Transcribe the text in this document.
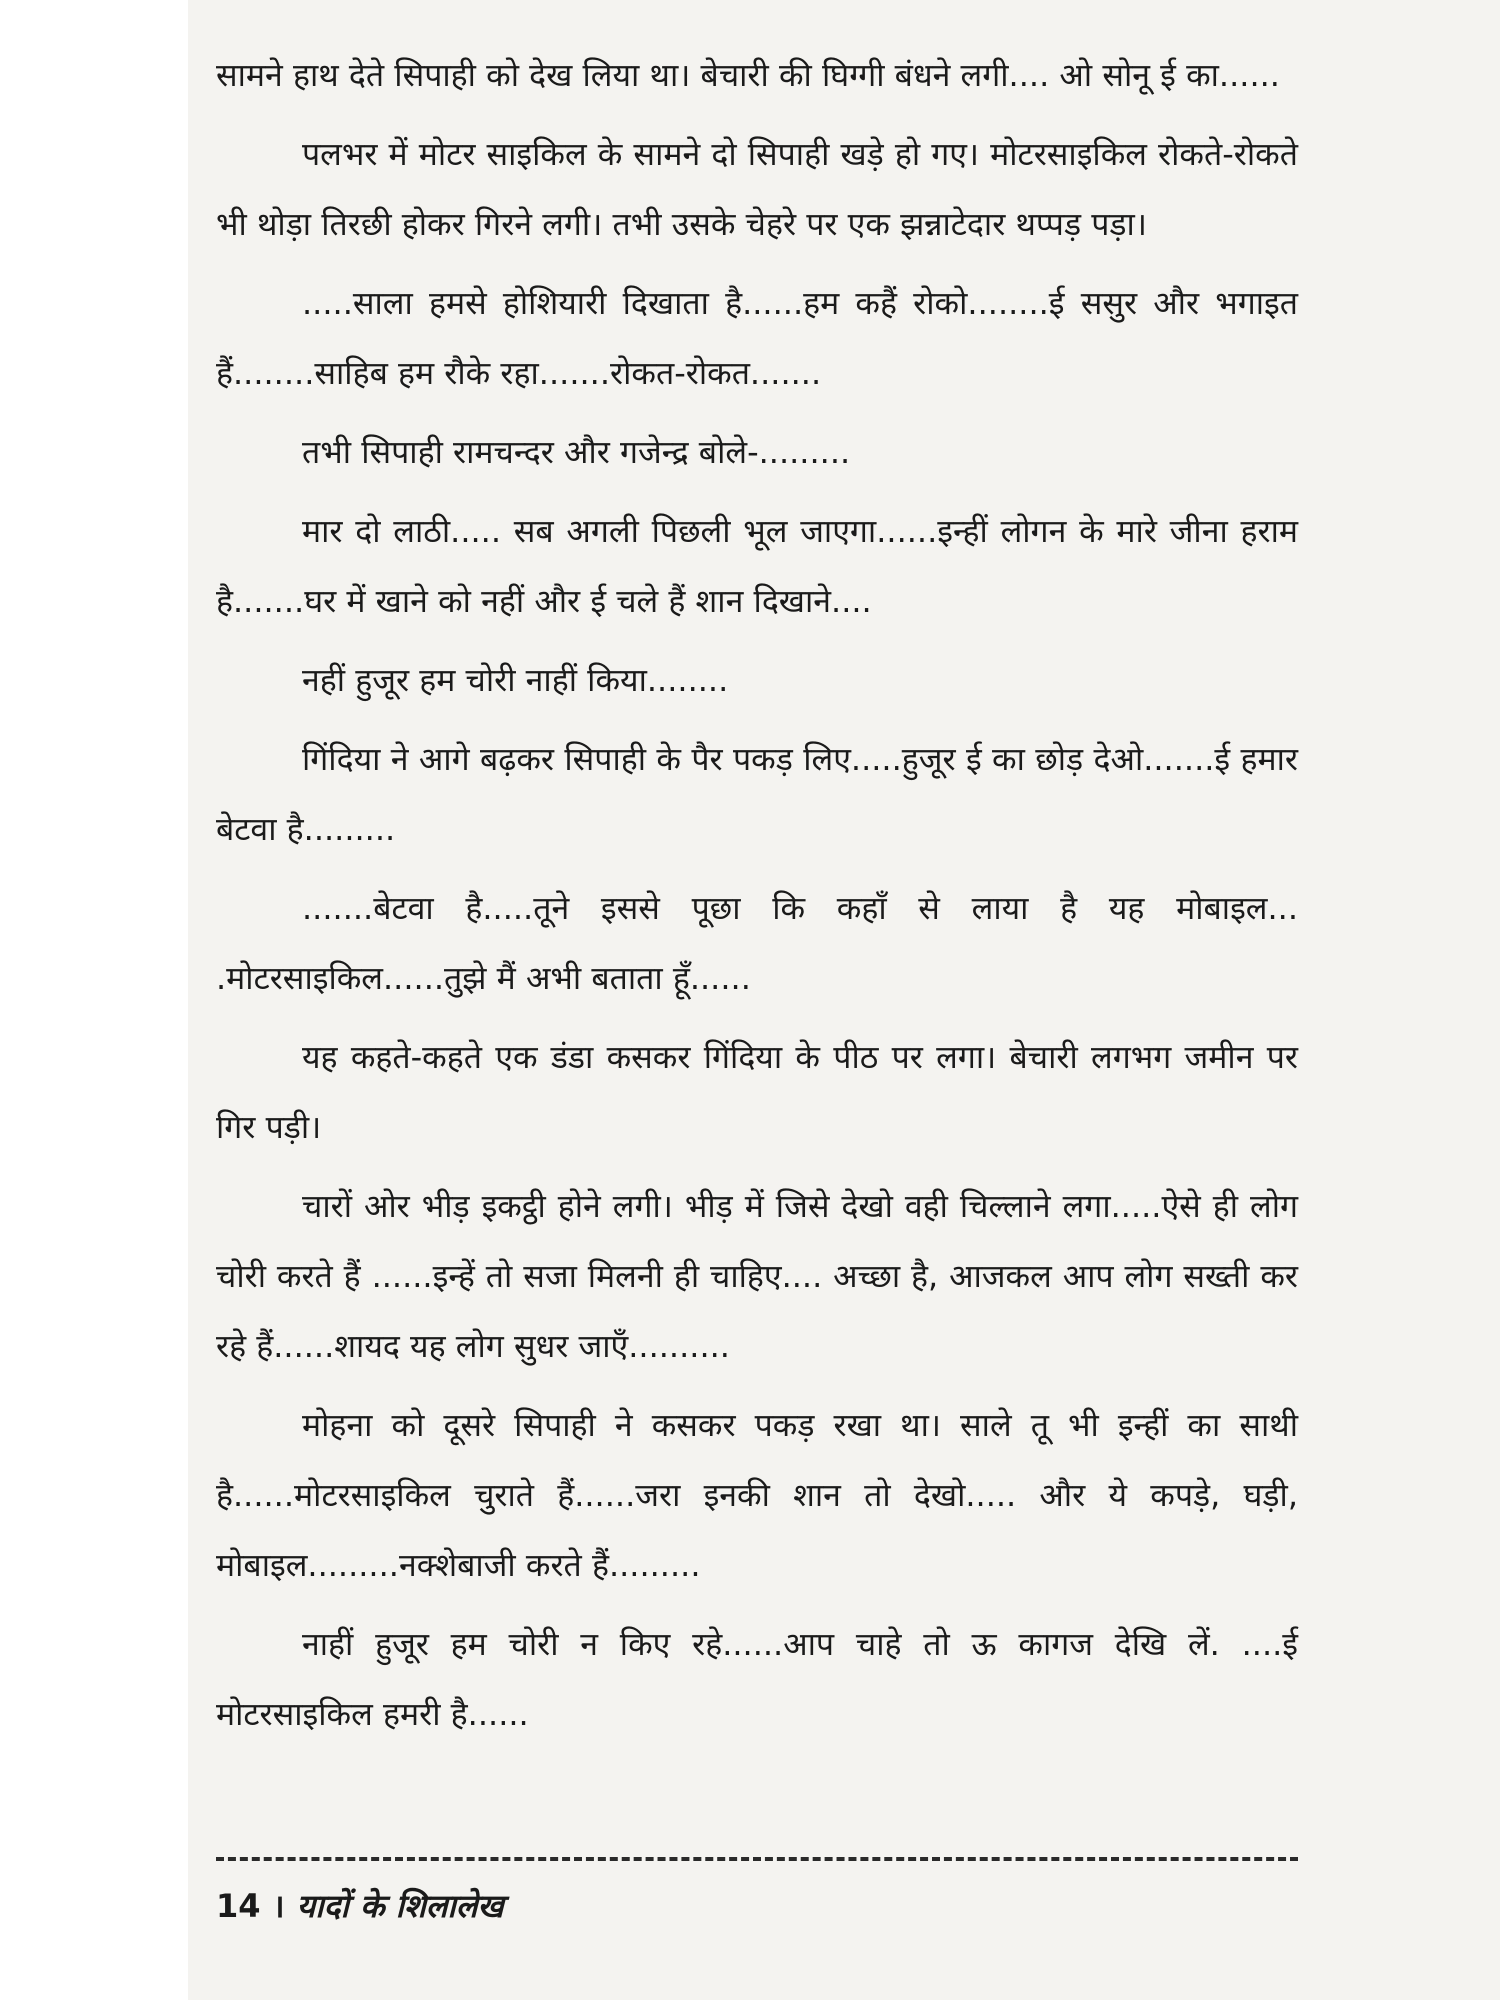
सामने हाथ देते सिपाही को देख लिया था। बेचारी की घिग्गी बंधने लगी.... ओ सोनू ई का......

पलभर में मोटर साइकिल के सामने दो सिपाही खड़े हो गए। मोटरसाइकिल रोकते-रोकते भी थोड़ा तिरछी होकर गिरने लगी। तभी उसके चेहरे पर एक झन्नाटेदार थप्पड़ पड़ा।

.....साला हमसे होशियारी दिखाता है......हम कहैं रोको........ई ससुर और भगाइत हैं........साहिब हम रौके रहा.......रोकत-रोकत.......

तभी सिपाही रामचन्दर और गजेन्द्र बोले-.........

मार दो लाठी..... सब अगली पिछली भूल जाएगा......इन्हीं लोगन के मारे जीना हराम है.......घर में खाने को नहीं और ई चले हैं शान दिखाने....

नहीं हुजूर हम चोरी नाहीं किया........

गिंदिया ने आगे बढ़कर सिपाही के पैर पकड़ लिए.....हुजूर ई का छोड़ देओ.......ई हमार बेटवा है.........

.......बेटवा है.....तूने इससे पूछा कि कहाँ से लाया है यह मोबाइल... .मोटरसाइकिल......तुझे मैं अभी बताता हूँ......

यह कहते-कहते एक डंडा कसकर गिंदिया के पीठ पर लगा। बेचारी लगभग जमीन पर गिर पड़ी।

चारों ओर भीड़ इकट्ठी होने लगी। भीड़ में जिसे देखो वही चिल्लाने लगा.....ऐसे ही लोग चोरी करते हैं ......इन्हें तो सजा मिलनी ही चाहिए.... अच्छा है, आजकल आप लोग सख्ती कर रहे हैं......शायद यह लोग सुधर जाएँ..........

मोहना को दूसरे सिपाही ने कसकर पकड़ रखा था। साले तू भी इन्हीं का साथी है......मोटरसाइकिल चुराते हैं......जरा इनकी शान तो देखो..... और ये कपड़े, घड़ी, मोबाइल.........नक्शेबाजी करते हैं.........

नाहीं हुजूर हम चोरी न किए रहे......आप चाहे तो ऊ कागज देखि लें. ....ई मोटरसाइकिल हमरी है......

14 । यादों के शिलालेख
